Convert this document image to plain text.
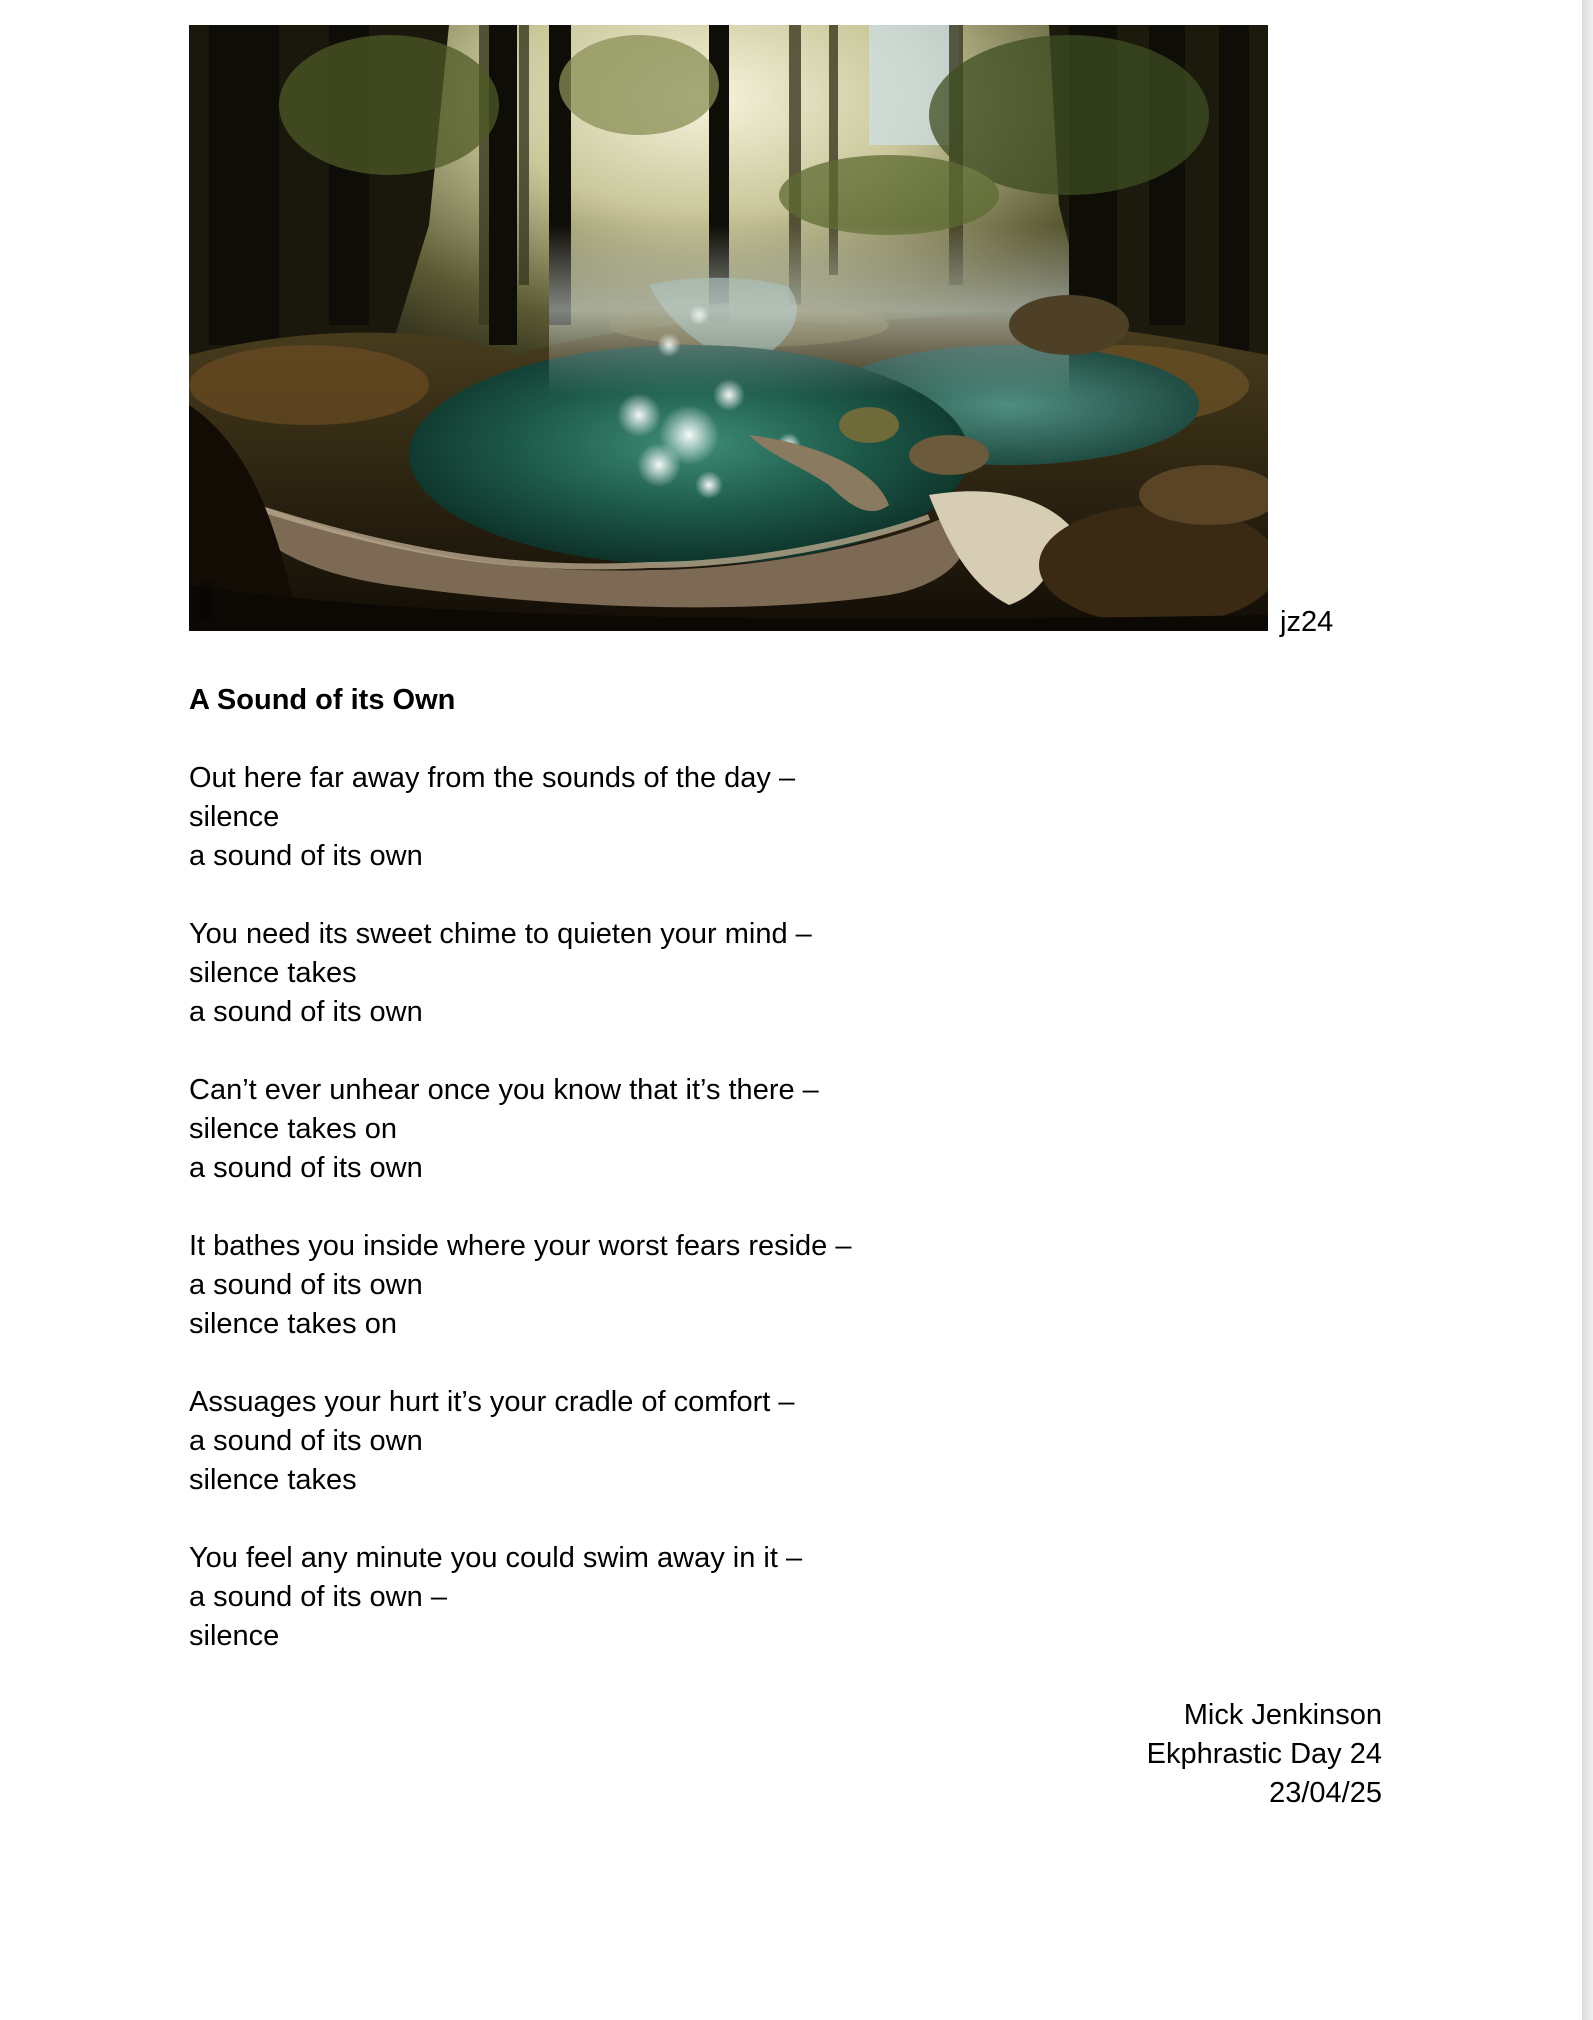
jz24
A Sound of its Own
Out here far away from the sounds of the day –
silence
a sound of its own
You need its sweet chime to quieten your mind –
silence takes
a sound of its own
Can’t ever unhear once you know that it’s there –
silence takes on
a sound of its own
It bathes you inside where your worst fears reside –
a sound of its own
silence takes on
Assuages your hurt it’s your cradle of comfort –
a sound of its own
silence takes
You feel any minute you could swim away in it –
a sound of its own –
silence
Mick Jenkinson
Ekphrastic Day 24
23/04/25
